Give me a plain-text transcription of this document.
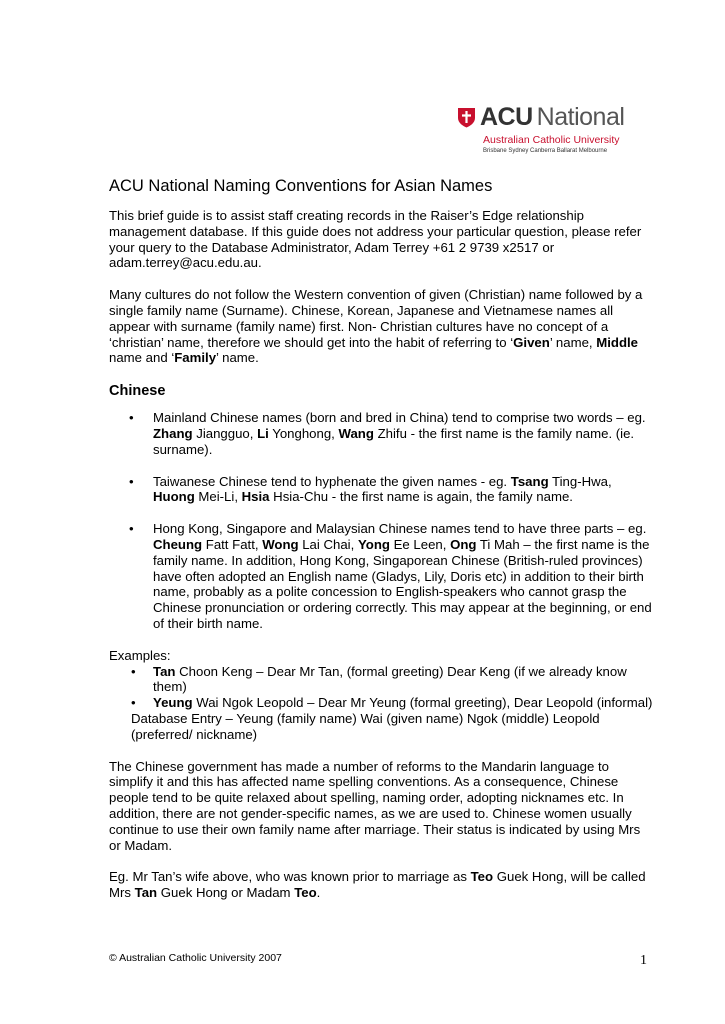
ACU National
Australian Catholic University
Brisbane Sydney Canberra Ballarat Melbourne
ACU National Naming Conventions for Asian Names

This brief guide is to assist staff creating records in the Raiser’s Edge relationship management database. If this guide does not address your particular question, please refer your query to the Database Administrator, Adam Terrey +61 2 9739 x2517 or adam.terrey@acu.edu.au.

Many cultures do not follow the Western convention of given (Christian) name followed by a single family name (Surname). Chinese, Korean, Japanese and Vietnamese names all appear with surname (family name) first. Non- Christian cultures have no concept of a ‘christian’ name, therefore we should get into the habit of referring to ‘Given’ name, Middle name and ‘Family’ name.

Chinese
• Mainland Chinese names (born and bred in China) tend to comprise two words – eg. Zhang Jiangguo, Li Yonghong, Wang Zhifu - the first name is the family name. (ie. surname).
• Taiwanese Chinese tend to hyphenate the given names - eg. Tsang Ting-Hwa, Huong Mei-Li, Hsia Hsia-Chu - the first name is again, the family name.
• Hong Kong, Singapore and Malaysian Chinese names tend to have three parts – eg. Cheung Fatt Fatt, Wong Lai Chai, Yong Ee Leen, Ong Ti Mah – the first name is the family name. In addition, Hong Kong, Singaporean Chinese (British-ruled provinces) have often adopted an English name (Gladys, Lily, Doris etc) in addition to their birth name, probably as a polite concession to English-speakers who cannot grasp the Chinese pronunciation or ordering correctly. This may appear at the beginning, or end of their birth name.

Examples:

• Tan Choon Keng – Dear Mr Tan, (formal greeting) Dear Keng (if we already know them)
• Yeung Wai Ngok Leopold – Dear Mr Yeung (formal greeting), Dear Leopold (informal)

Database Entry – Yeung (family name) Wai (given name) Ngok (middle) Leopold (preferred/ nickname)

The Chinese government has made a number of reforms to the Mandarin language to simplify it and this has affected name spelling conventions. As a consequence, Chinese people tend to be quite relaxed about spelling, naming order, adopting nicknames etc. In addition, there are not gender-specific names, as we are used to. Chinese women usually continue to use their own family name after marriage. Their status is indicated by using Mrs or Madam.

Eg. Mr Tan’s wife above, who was known prior to marriage as Teo Guek Hong, will be called Mrs Tan Guek Hong or Madam Teo.

© Australian Catholic University 2007	1
